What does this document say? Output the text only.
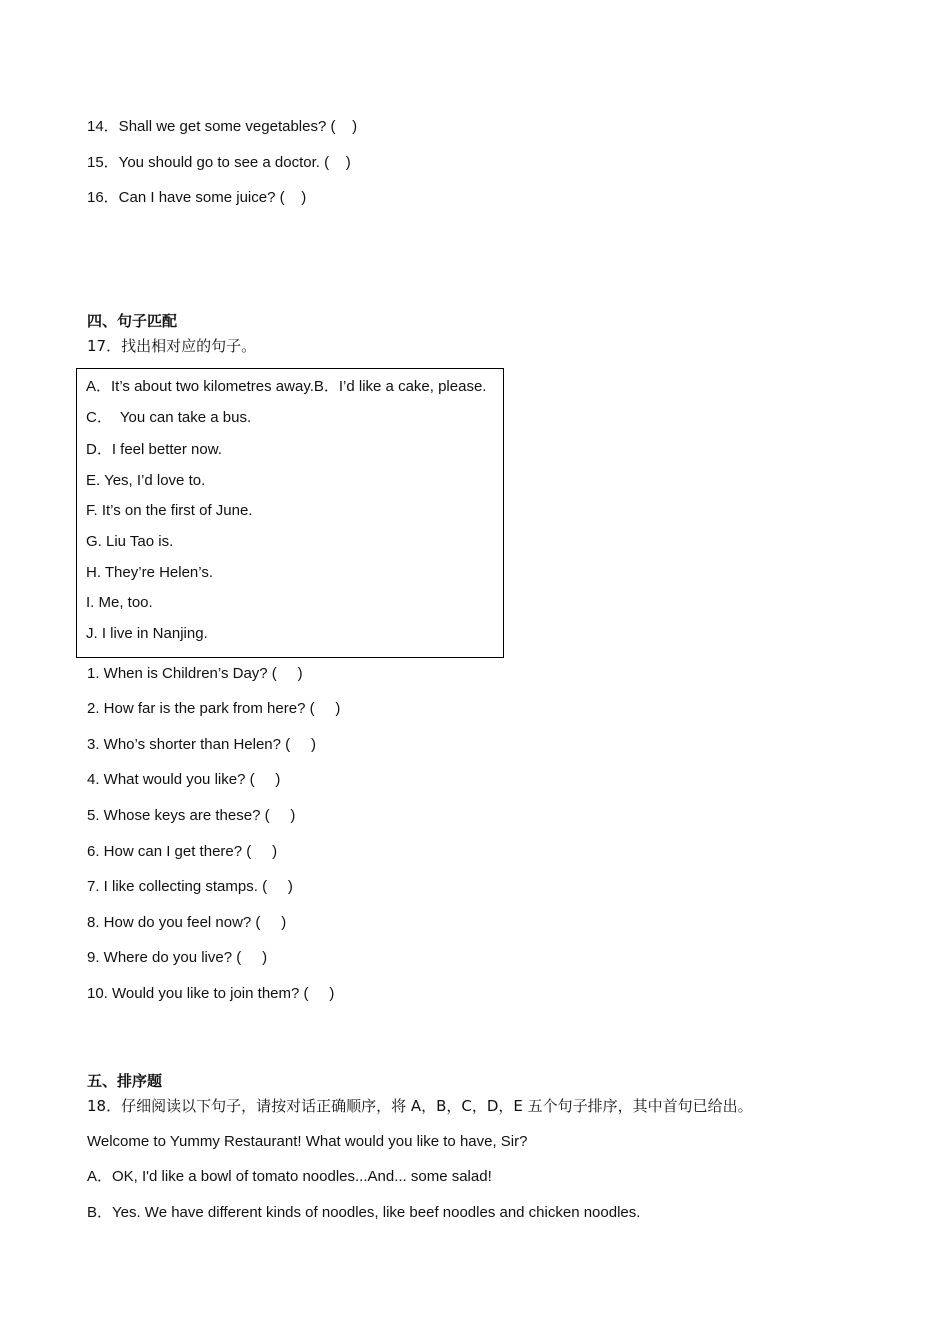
14．Shall we get some vegetables? (    )
15．You should go to see a doctor. (    )
16．Can I have some juice? (    )
四、句子匹配
17．找出相对应的句子。
A．It’s about two kilometres away.B．I’d like a cake, please.
C．  You can take a bus.
D．I feel better now.
E. Yes, I’d love to.
F. It’s on the first of June.
G. Liu Tao is.
H. They’re Helen’s.
I. Me, too.
J. I live in Nanjing.
1. When is Children’s Day? (     )
2. How far is the park from here? (     )
3. Who’s shorter than Helen? (     )
4. What would you like? (     )
5. Whose keys are these? (     )
6. How can I get there? (     )
7. I like collecting stamps. (     )
8. How do you feel now? (     )
9. Where do you live? (     )
10. Would you like to join them? (     )
五、排序题
18．仔细阅读以下句子，请按对话正确顺序，将 A，B，C，D，E 五个句子排序，其中首句已给出。
Welcome to Yummy Restaurant! What would you like to have, Sir?
A．OK, I'd like a bowl of tomato noodles...And... some salad!
B．Yes. We have different kinds of noodles, like beef noodles and chicken noodles.
